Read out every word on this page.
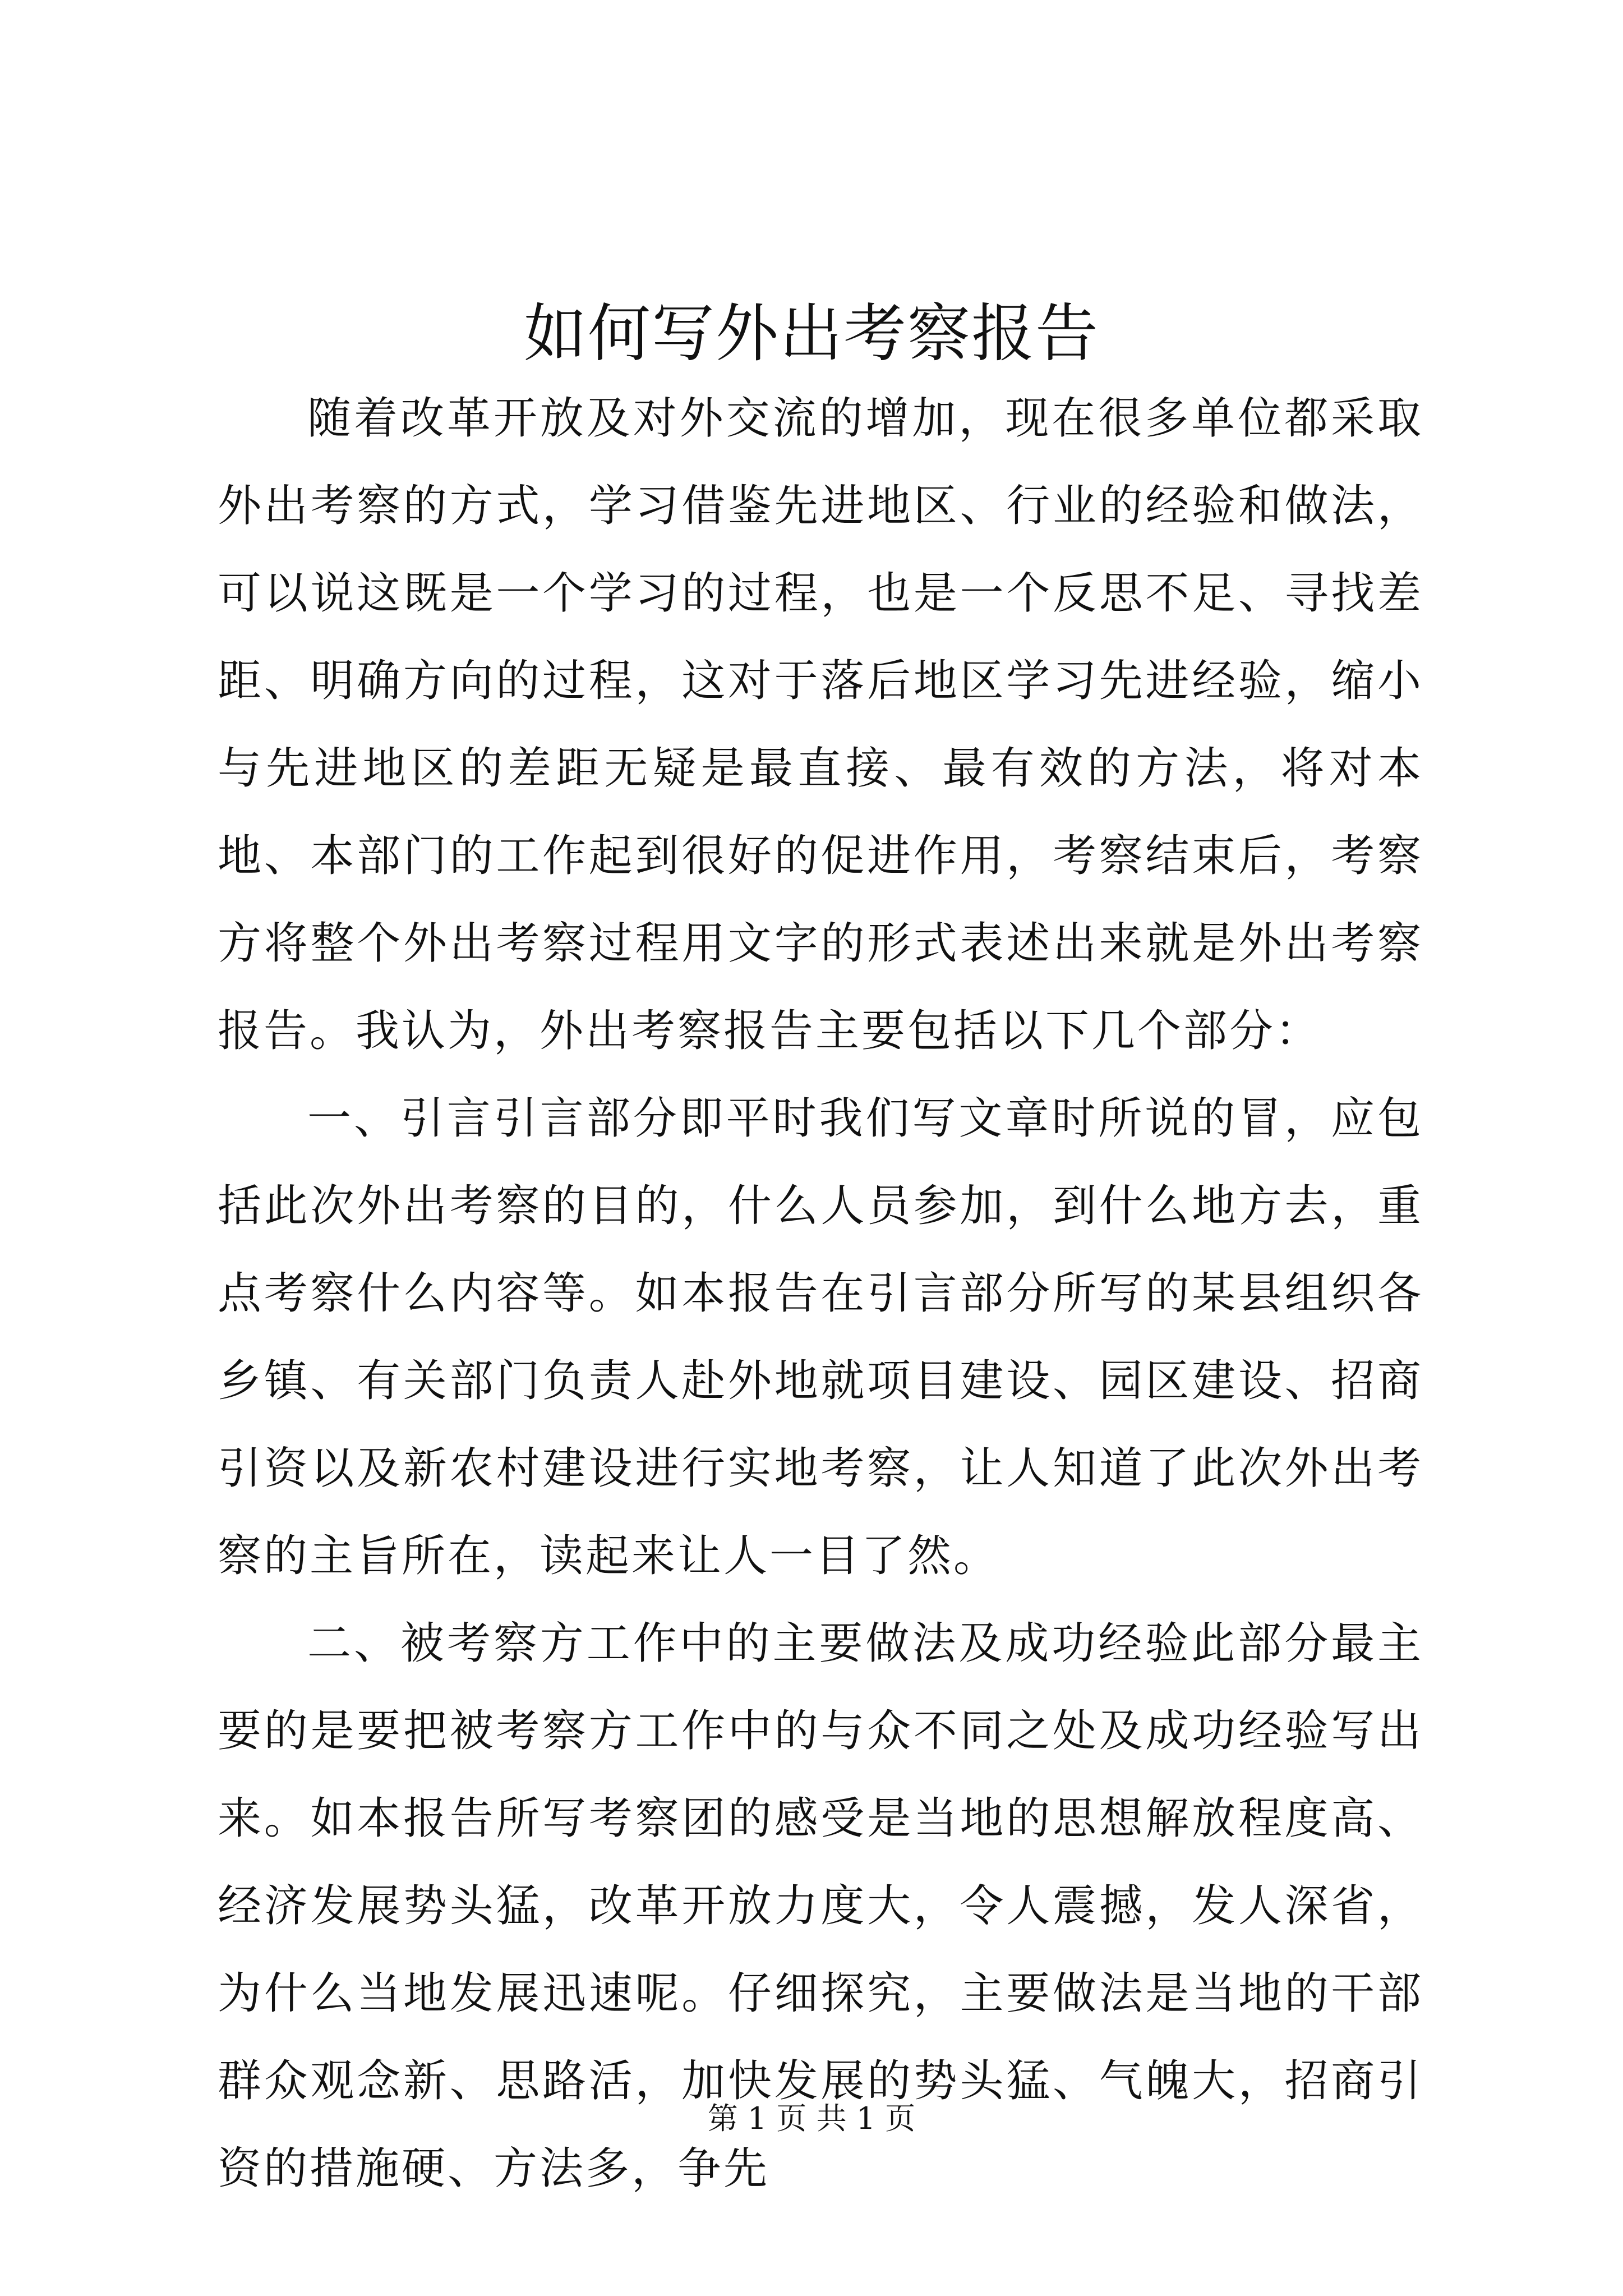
如何写外出考察报告

随着改革开放及对外交流的增加，现在很多单位都采取外出考察的方式，学习借鉴先进地区、行业的经验和做法，可以说这既是一个学习的过程，也是一个反思不足、寻找差距、明确方向的过程，这对于落后地区学习先进经验，缩小与先进地区的差距无疑是最直接、最有效的方法，将对本地、本部门的工作起到很好的促进作用，考察结束后，考察方将整个外出考察过程用文字的形式表述出来就是外出考察报告。我认为，外出考察报告主要包括以下几个部分：

一、引言引言部分即平时我们写文章时所说的冒，应包括此次外出考察的目的，什么人员参加，到什么地方去，重点考察什么内容等。如本报告在引言部分所写的某县组织各乡镇、有关部门负责人赴外地就项目建设、园区建设、招商引资以及新农村建设进行实地考察，让人知道了此次外出考察的主旨所在，读起来让人一目了然。

二、被考察方工作中的主要做法及成功经验此部分最主要的是要把被考察方工作中的与众不同之处及成功经验写出来。如本报告所写考察团的感受是当地的思想解放程度高、经济发展势头猛，改革开放力度大，令人震撼，发人深省，为什么当地发展迅速呢。仔细探究，主要做法是当地的干部群众观念新、思路活，加快发展的势头猛、气魄大，招商引资的措施硬、方法多，争先

第 1 页 共 1 页
